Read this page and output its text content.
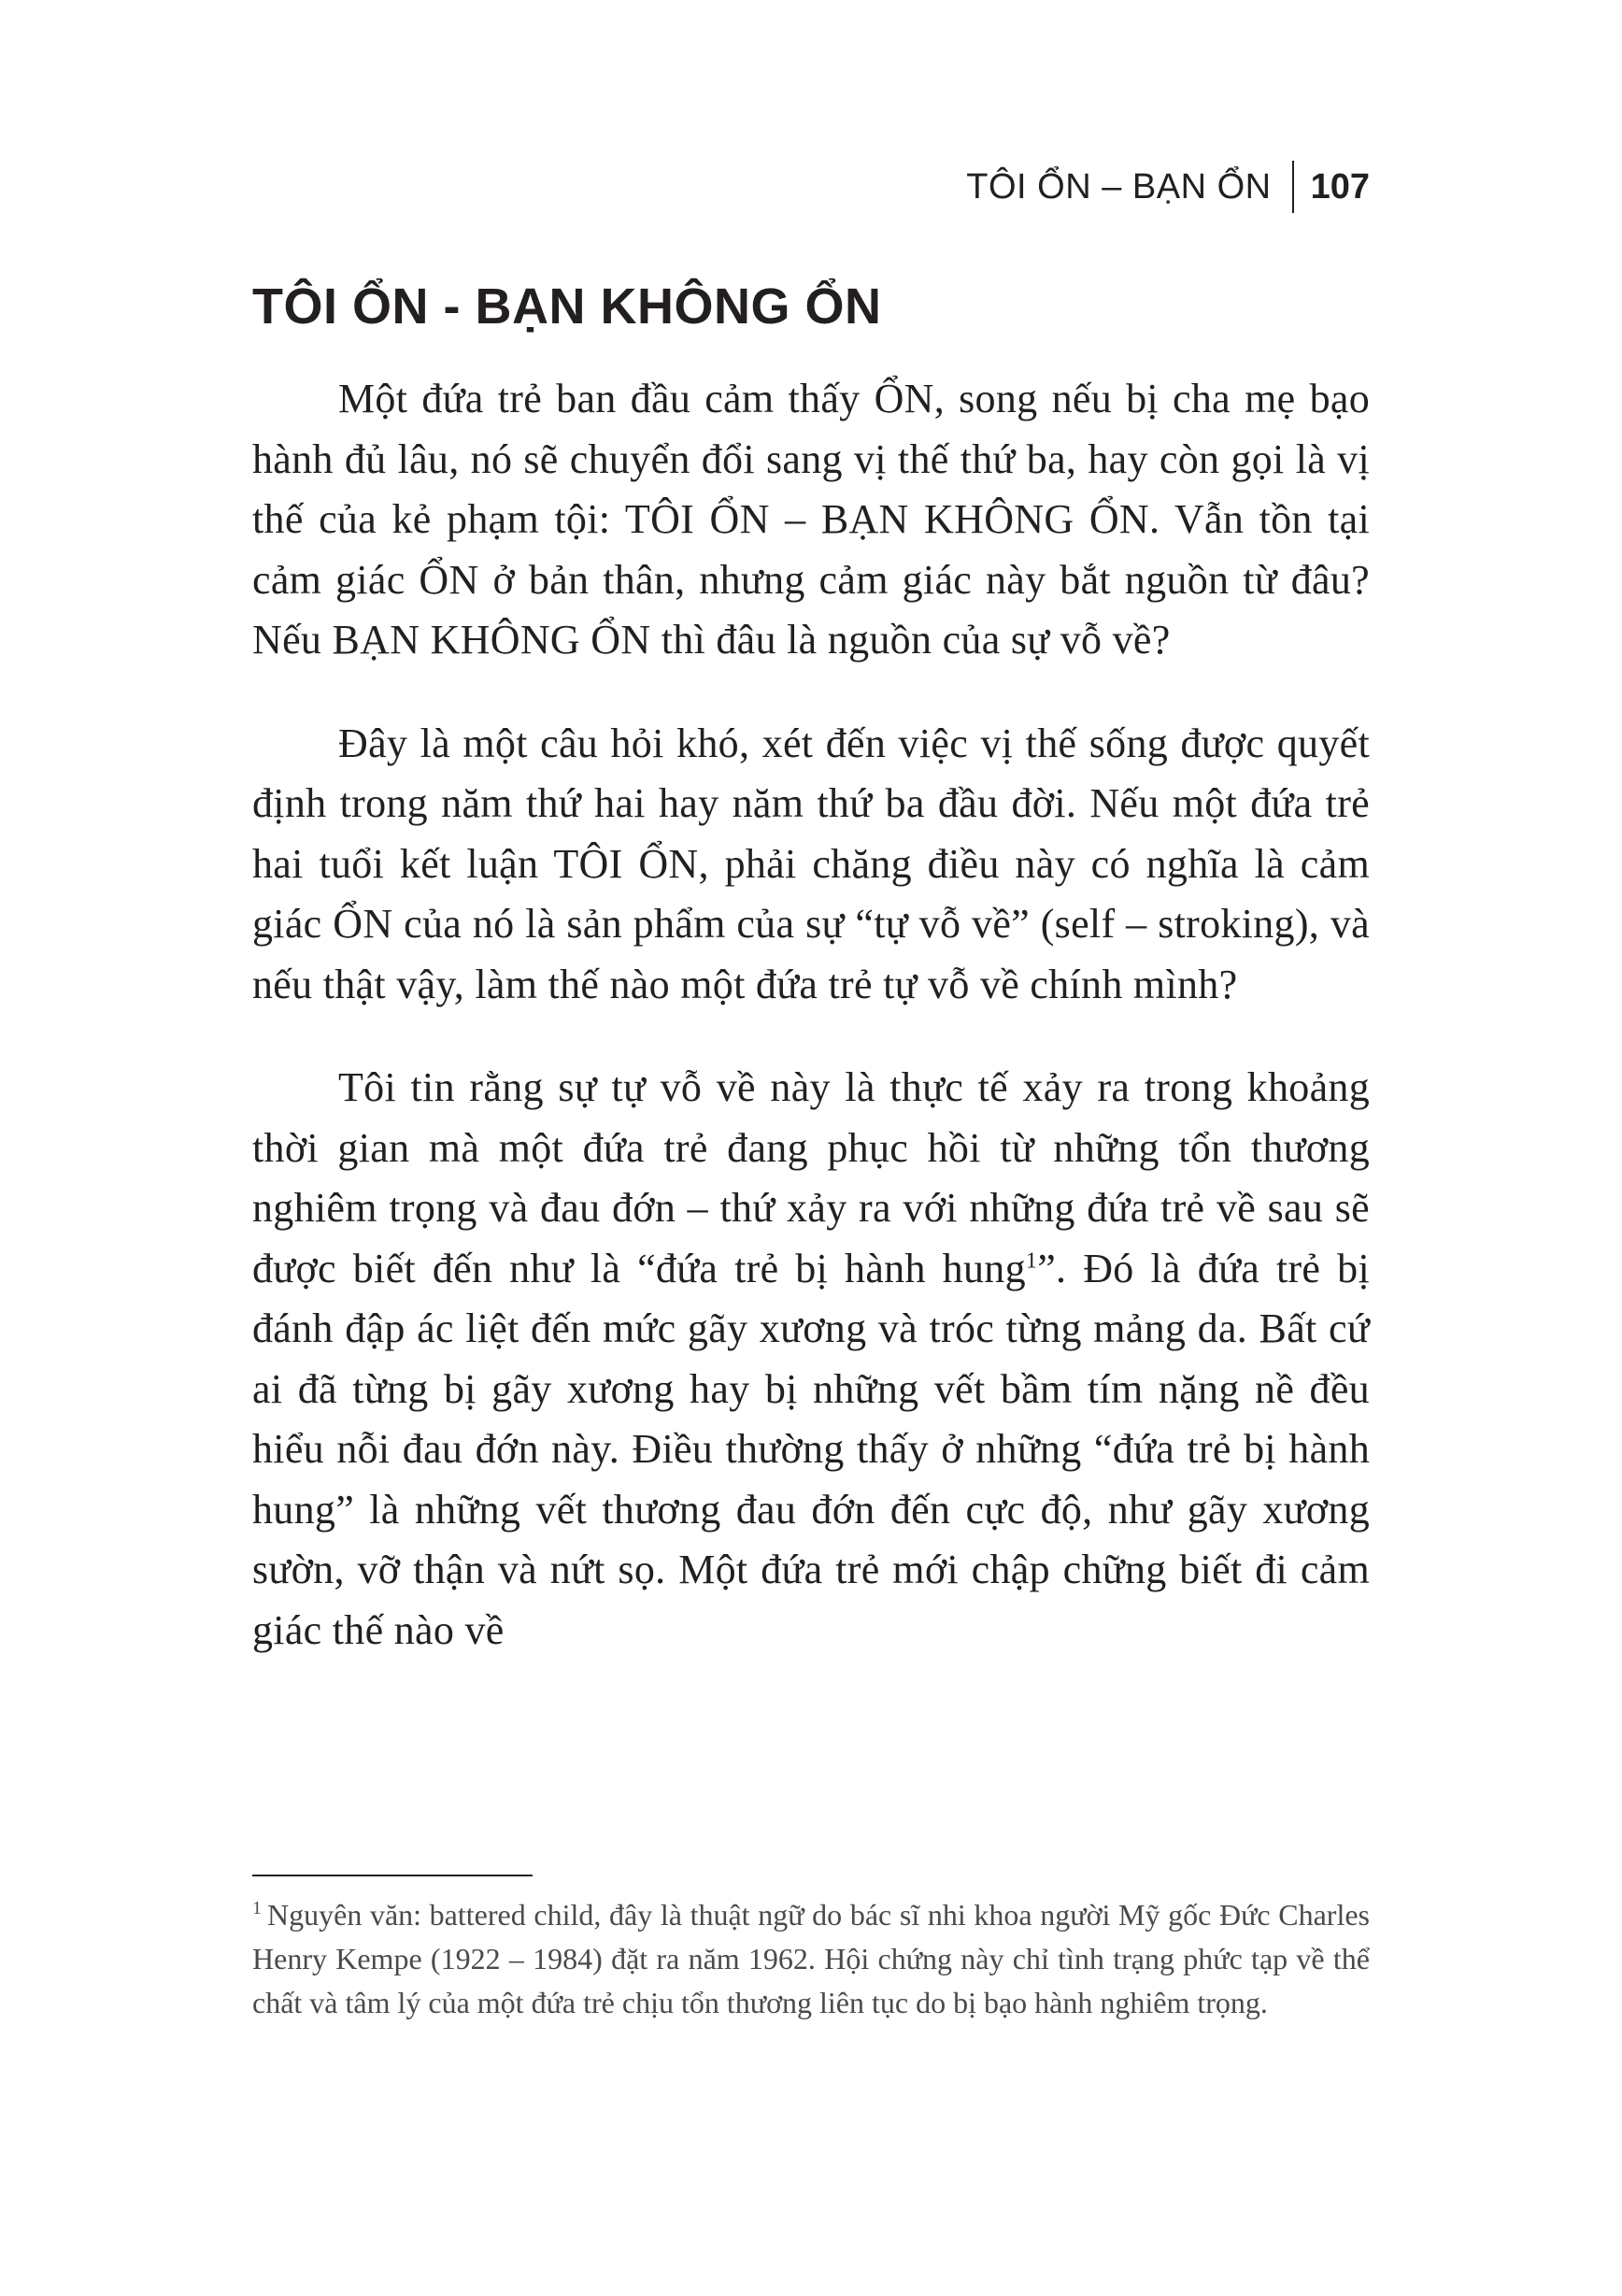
TÔI ỔN – BẠN ỔN 107
TÔI ỔN - BẠN KHÔNG ỔN

Một đứa trẻ ban đầu cảm thấy ỔN, song nếu bị cha mẹ bạo hành đủ lâu, nó sẽ chuyển đổi sang vị thế thứ ba, hay còn gọi là vị thế của kẻ phạm tội: TÔI ỔN – BẠN KHÔNG ỔN. Vẫn tồn tại cảm giác ỔN ở bản thân, nhưng cảm giác này bắt nguồn từ đâu? Nếu BẠN KHÔNG ỔN thì đâu là nguồn của sự vỗ về?

Đây là một câu hỏi khó, xét đến việc vị thế sống được quyết định trong năm thứ hai hay năm thứ ba đầu đời. Nếu một đứa trẻ hai tuổi kết luận TÔI ỔN, phải chăng điều này có nghĩa là cảm giác ỔN của nó là sản phẩm của sự “tự vỗ về” (self – stroking), và nếu thật vậy, làm thế nào một đứa trẻ tự vỗ về chính mình?

Tôi tin rằng sự tự vỗ về này là thực tế xảy ra trong khoảng thời gian mà một đứa trẻ đang phục hồi từ những tổn thương nghiêm trọng và đau đớn – thứ xảy ra với những đứa trẻ về sau sẽ được biết đến như là “đứa trẻ bị hành hung$^1$”. Đó là đứa trẻ bị đánh đập ác liệt đến mức gãy xương và tróc từng mảng da. Bất cứ ai đã từng bị gãy xương hay bị những vết bầm tím nặng nề đều hiểu nỗi đau đớn này. Điều thường thấy ở những “đứa trẻ bị hành hung” là những vết thương đau đớn đến cực độ, như gãy xương sườn, vỡ thận và nứt sọ. Một đứa trẻ mới chập chững biết đi cảm giác thế nào về

$^1$ Nguyên văn: battered child, đây là thuật ngữ do bác sĩ nhi khoa người Mỹ gốc Đức Charles Henry Kempe (1922 – 1984) đặt ra năm 1962. Hội chứng này chỉ tình trạng phức tạp về thể chất và tâm lý của một đứa trẻ chịu tổn thương liên tục do bị bạo hành nghiêm trọng.
